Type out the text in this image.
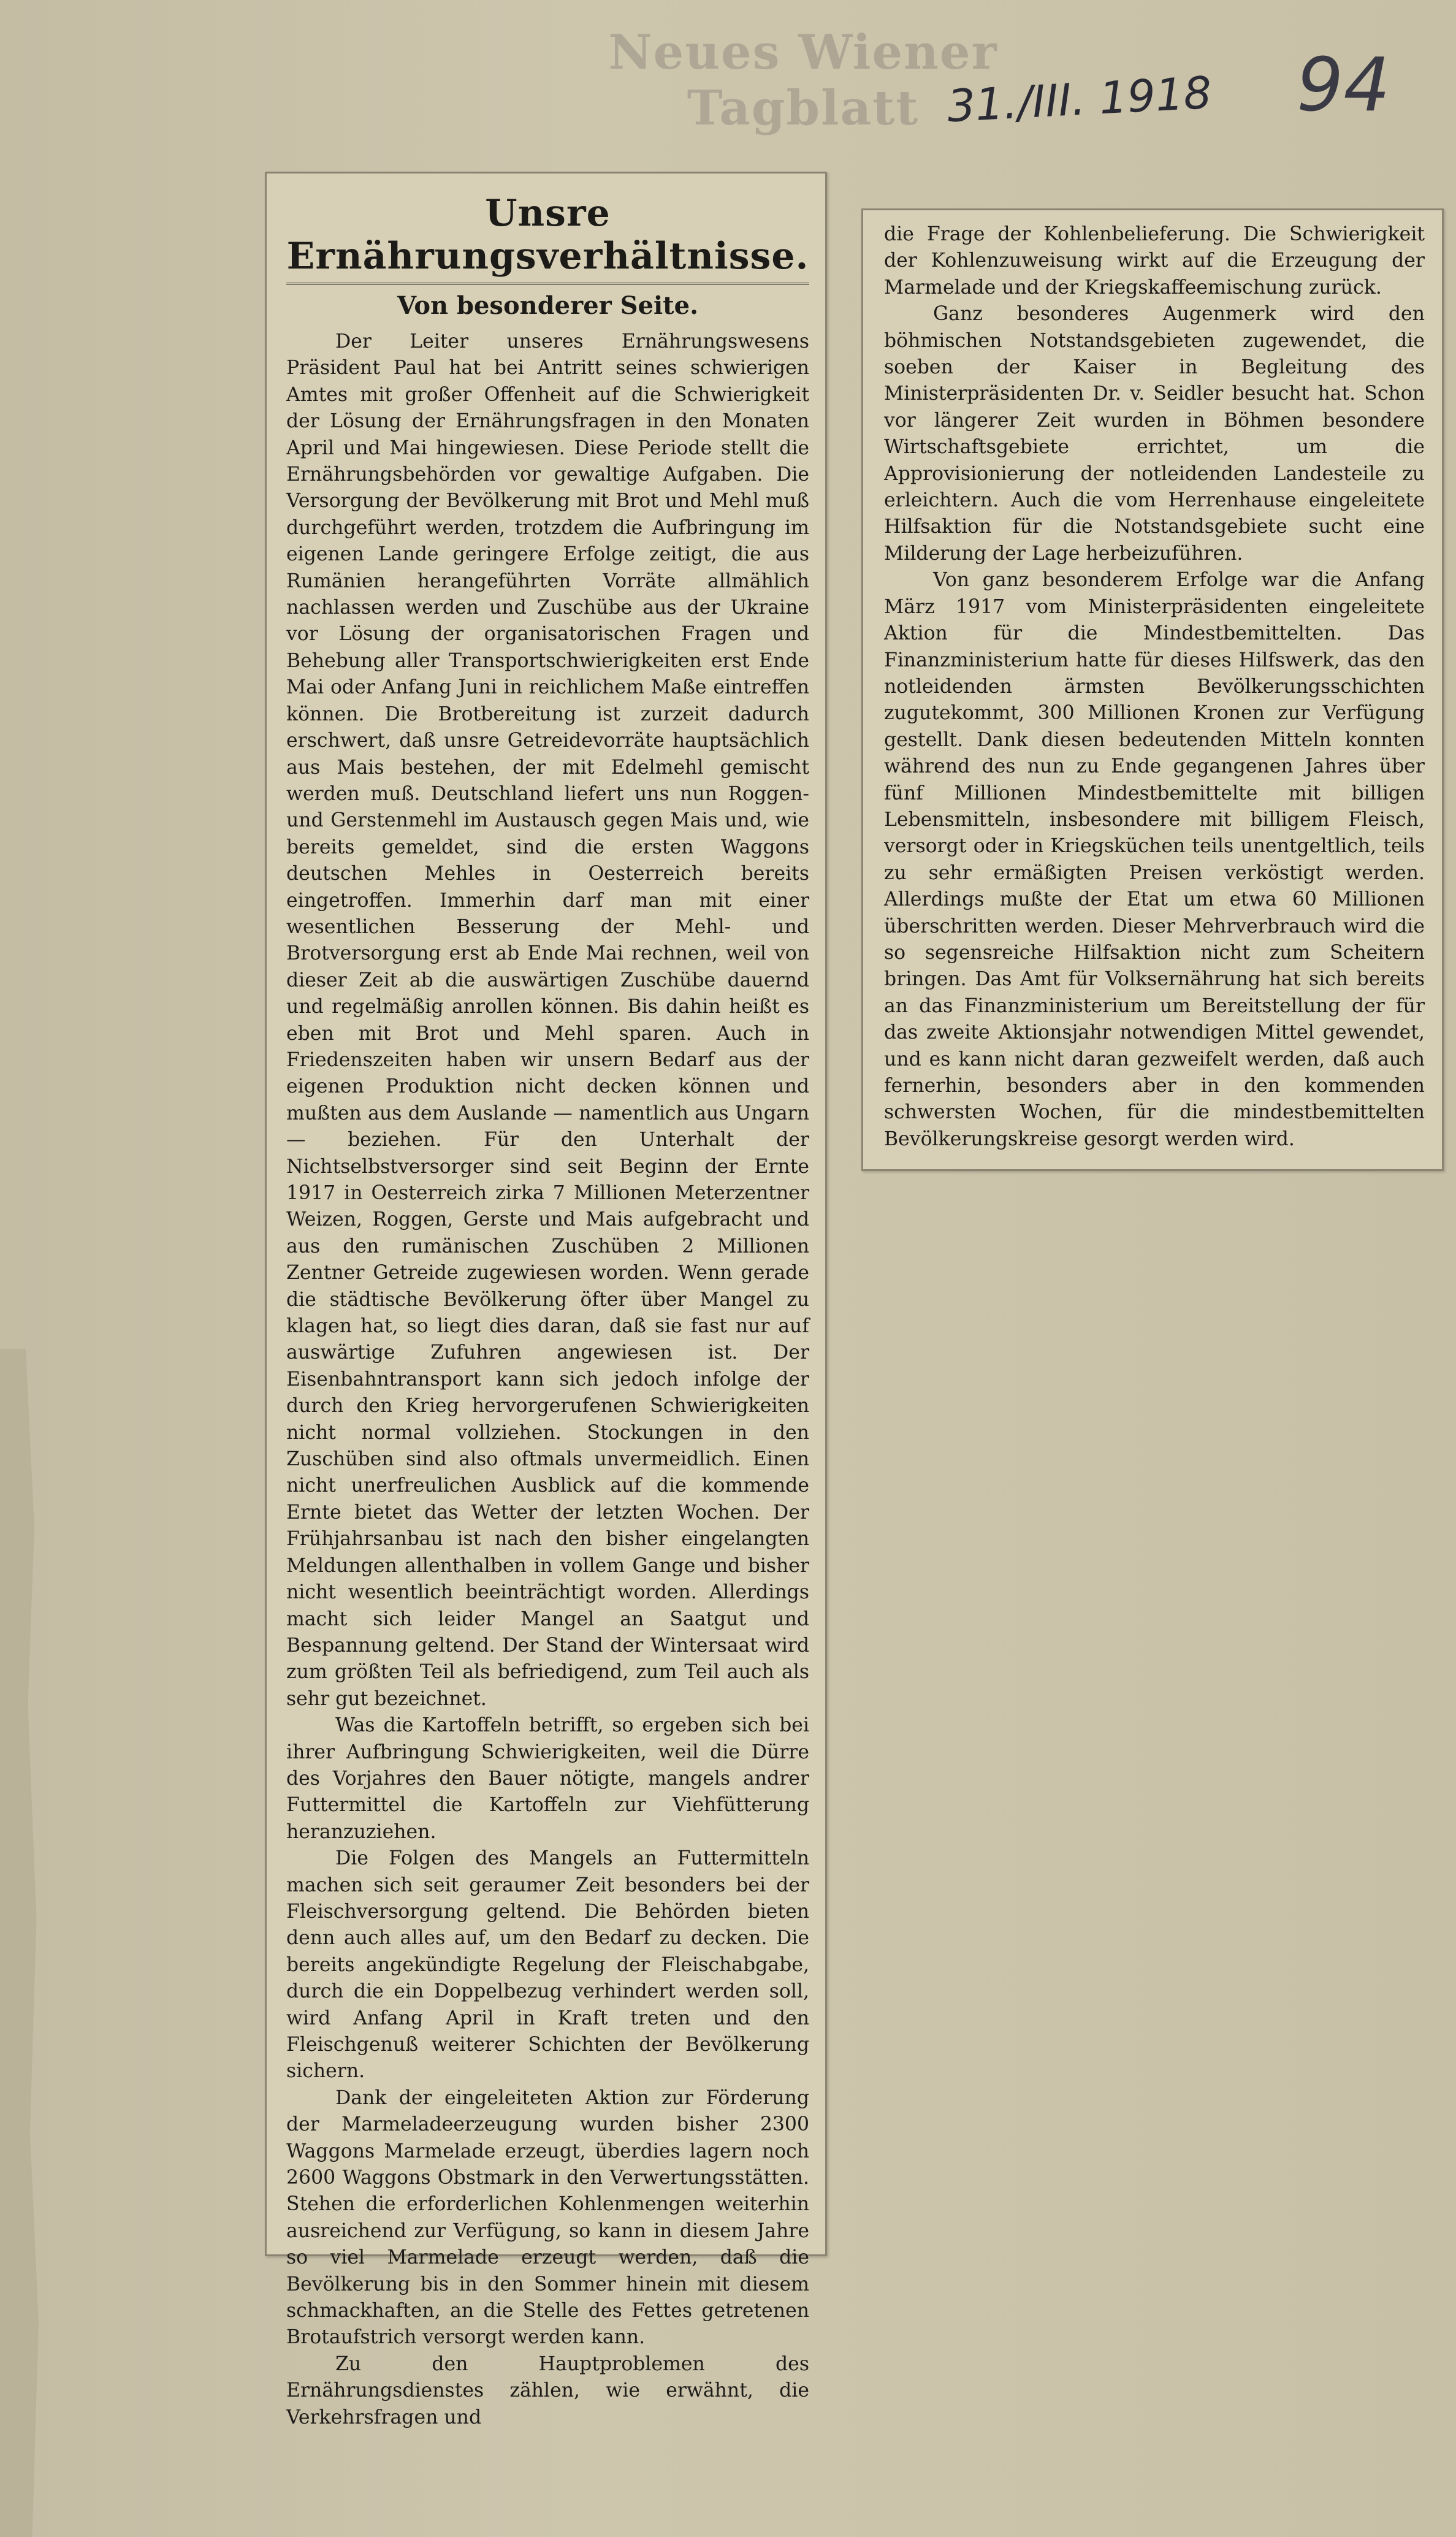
Neues Wiener Tagblatt 31./III. 1918 94
Unsre Ernährungsverhältnisse.
Von besonderer Seite.

Der Leiter unseres Ernährungswesens Präsident Paul hat bei Antritt seines schwierigen Amtes mit großer Offenheit auf die Schwierigkeit der Lösung der Ernährungsfragen in den Monaten April und Mai hingewiesen. Diese Periode stellt die Ernährungsbehörden vor gewaltige Aufgaben. Die Versorgung der Bevölkerung mit Brot und Mehl muß durchgeführt werden, trotzdem die Aufbringung im eigenen Lande geringere Erfolge zeitigt, die aus Rumänien herangeführten Vorräte allmählich nachlassen werden und Zuschübe aus der Ukraine vor Lösung der organisatorischen Fragen und Behebung aller Transportschwierigkeiten erst Ende Mai oder Anfang Juni in reichlichem Maße eintreffen können. Die Brotbereitung ist zurzeit dadurch erschwert, daß unsre Getreidevorräte hauptsächlich aus Mais bestehen, der mit Edelmehl gemischt werden muß. Deutschland liefert uns nun Roggen- und Gerstenmehl im Austausch gegen Mais und, wie bereits gemeldet, sind die ersten Waggons deutschen Mehles in Oesterreich bereits eingetroffen. Immerhin darf man mit einer wesentlichen Besserung der Mehl- und Brotversorgung erst ab Ende Mai rechnen, weil von dieser Zeit ab die auswärtigen Zuschübe dauernd und regelmäßig anrollen können. Bis dahin heißt es eben mit Brot und Mehl sparen. Auch in Friedenszeiten haben wir unsern Bedarf aus der eigenen Produktion nicht decken können und mußten aus dem Auslande — namentlich aus Ungarn — beziehen. Für den Unterhalt der Nichtselbstversorger sind seit Beginn der Ernte 1917 in Oesterreich zirka 7 Millionen Meterzentner Weizen, Roggen, Gerste und Mais aufgebracht und aus den rumänischen Zuschüben 2 Millionen Zentner Getreide zugewiesen worden. Wenn gerade die städtische Bevölkerung öfter über Mangel zu klagen hat, so liegt dies daran, daß sie fast nur auf auswärtige Zufuhren angewiesen ist. Der Eisenbahntransport kann sich jedoch infolge der durch den Krieg hervorgerufenen Schwierigkeiten nicht normal vollziehen. Stockungen in den Zuschüben sind also oftmals unvermeidlich. Einen nicht unerfreulichen Ausblick auf die kommende Ernte bietet das Wetter der letzten Wochen. Der Frühjahrsanbau ist nach den bisher eingelangten Meldungen allenthalben in vollem Gange und bisher nicht wesentlich beeinträchtigt worden. Allerdings macht sich leider Mangel an Saatgut und Bespannung geltend. Der Stand der Wintersaat wird zum größten Teil als befriedigend, zum Teil auch als sehr gut bezeichnet.

Was die Kartoffeln betrifft, so ergeben sich bei ihrer Aufbringung Schwierigkeiten, weil die Dürre des Vorjahres den Bauer nötigte, mangels andrer Futtermittel die Kartoffeln zur Viehfütterung heranzuziehen.

Die Folgen des Mangels an Futtermitteln machen sich seit geraumer Zeit besonders bei der Fleischversorgung geltend. Die Behörden bieten denn auch alles auf, um den Bedarf zu decken. Die bereits angekündigte Regelung der Fleischabgabe, durch die ein Doppelbezug verhindert werden soll, wird Anfang April in Kraft treten und den Fleischgenuß weiterer Schichten der Bevölkerung sichern.

Dank der eingeleiteten Aktion zur Förderung der Marmeladeerzeugung wurden bisher 2300 Waggons Marmelade erzeugt, überdies lagern noch 2600 Waggons Obstmark in den Verwertungsstätten. Stehen die erforderlichen Kohlenmengen weiterhin ausreichend zur Verfügung, so kann in diesem Jahre so viel Marmelade erzeugt werden, daß die Bevölkerung bis in den Sommer hinein mit diesem schmackhaften, an die Stelle des Fettes getretenen Brotaufstrich versorgt werden kann.

Zu den Hauptproblemen des Ernährungsdienstes zählen, wie erwähnt, die Verkehrsfragen und

die Frage der Kohlenbelieferung. Die Schwierigkeit der Kohlenzuweisung wirkt auf die Erzeugung der Marmelade und der Kriegskaffeemischung zurück.

Ganz besonderes Augenmerk wird den böhmischen Notstandsgebieten zugewendet, die soeben der Kaiser in Begleitung des Ministerpräsidenten Dr. v. Seidler besucht hat. Schon vor längerer Zeit wurden in Böhmen besondere Wirtschaftsgebiete errichtet, um die Approvisionierung der notleidenden Landesteile zu erleichtern. Auch die vom Herrenhause eingeleitete Hilfsaktion für die Notstandsgebiete sucht eine Milderung der Lage herbeizuführen.

Von ganz besonderem Erfolge war die Anfang März 1917 vom Ministerpräsidenten eingeleitete Aktion für die Mindestbemittelten. Das Finanzministerium hatte für dieses Hilfswerk, das den notleidenden ärmsten Bevölkerungsschichten zugutekommt, 300 Millionen Kronen zur Verfügung gestellt. Dank diesen bedeutenden Mitteln konnten während des nun zu Ende gegangenen Jahres über fünf Millionen Mindestbemittelte mit billigen Lebensmitteln, insbesondere mit billigem Fleisch, versorgt oder in Kriegsküchen teils unentgeltlich, teils zu sehr ermäßigten Preisen verköstigt werden. Allerdings mußte der Etat um etwa 60 Millionen überschritten werden. Dieser Mehrverbrauch wird die so segensreiche Hilfsaktion nicht zum Scheitern bringen. Das Amt für Volksernährung hat sich bereits an das Finanzministerium um Bereitstellung der für das zweite Aktionsjahr notwendigen Mittel gewendet, und es kann nicht daran gezweifelt werden, daß auch fernerhin, besonders aber in den kommenden schwersten Wochen, für die mindestbemittelten Bevölkerungskreise gesorgt werden wird.
